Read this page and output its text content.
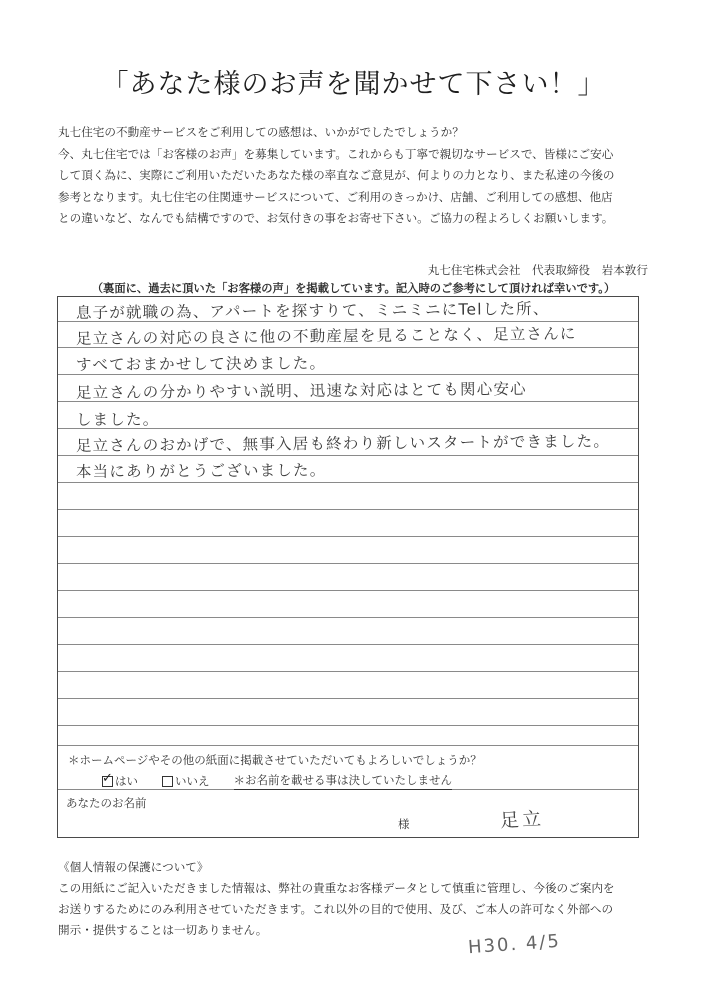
「あなた様のお声を聞かせて下さい！」
丸七住宅の不動産サービスをご利用しての感想は、いかがでしたでしょうか？
今、丸七住宅では「お客様のお声」を募集しています。これからも丁寧で親切なサービスで、皆様にご安心
して頂く為に、実際にご利用いただいたあなた様の率直なご意見が、何よりの力となり、また私達の今後の
参考となります。丸七住宅の住関連サービスについて、ご利用のきっかけ、店舗、ご利用しての感想、他店
との違いなど、なんでも結構ですので、お気付きの事をお寄せ下さい。ご協力の程よろしくお願いします。
丸七住宅株式会社　代表取締役　岩本敦行
（裏面に、過去に頂いた「お客様の声」を掲載しています。記入時のご参考にして頂ければ幸いです。）
息子が就職の為、アパートを探すりて、ミニミニにTelした所、
足立さんの対応の良さに他の不動産屋を見ることなく、足立さんに
すべておまかせして決めました。
足立さんの分かりやすい説明、迅速な対応はとても関心安心
しました。
足立さんのおかげで、無事入居も終わり新しいスタートができました。
本当にありがとうございました。
＊ホームページやその他の紙面に掲載させていただいてもよろしいでしょうか？
✓ はい	いいえ ＊お名前を載せる事は決していたしません
あなたのお名前
様	足立
《個人情報の保護について》
この用紙にご記入いただきました情報は、弊社の貴重なお客様データとして慎重に管理し、今後のご案内を
お送りするためにのみ利用させていただきます。これ以外の目的で使用、及び、ご本人の許可なく外部への
開示・提供することは一切ありません。
H30. 4/5
